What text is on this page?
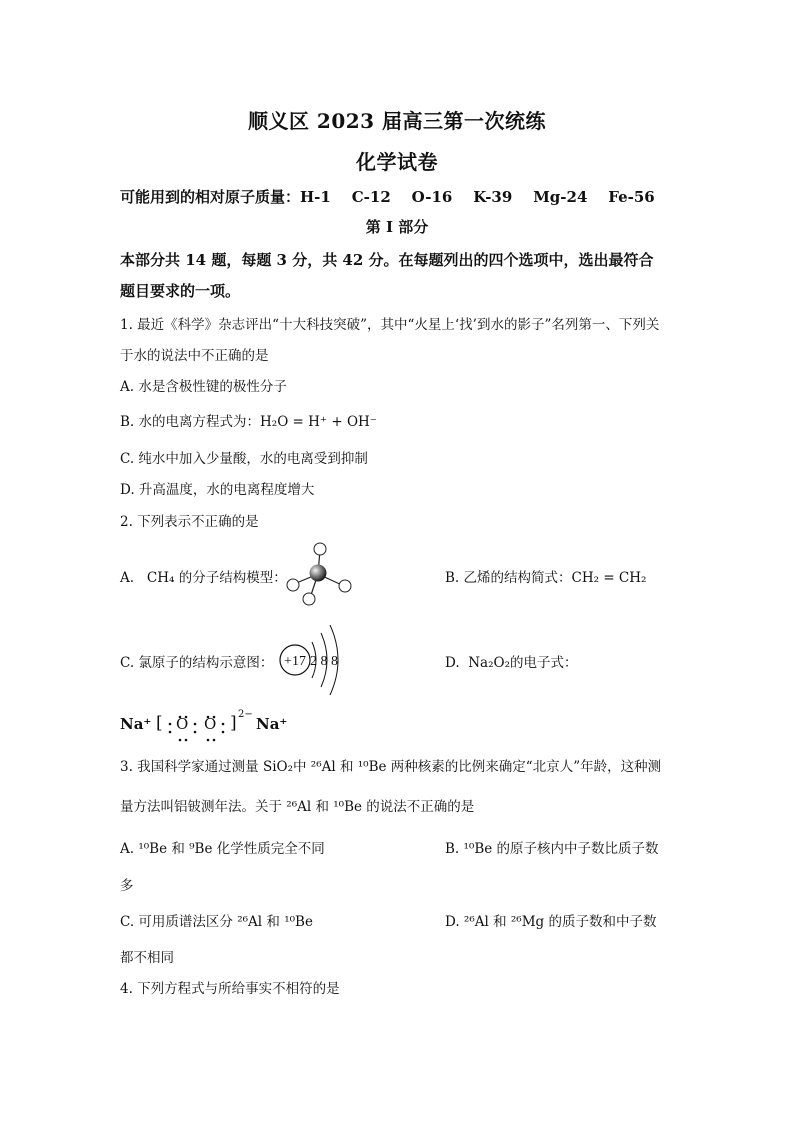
顺义区 2023 届高三第一次统练
化学试卷
可能用到的相对原子质量：H-1    C-12    O-16    K-39    Mg-24    Fe-56
第 I 部分
本部分共 14 题，每题 3 分，共 42 分。在每题列出的四个选项中，选出最符合
题目要求的一项。
1. 最近《科学》杂志评出“十大科技突破”，其中“火星上‘找’到水的影子”名列第一、下列关
于水的说法中不正确的是
A. 水是含极性键的极性分子
B. 水的电离方程式为：H₂O = H⁺ + OH⁻
C. 纯水中加入少量酸，水的电离受到抑制
D. 升高温度，水的电离程度增大
2. 下列表示不正确的是
A. CH₄ 的分子结构模型：	B. 乙烯的结构简式：CH₂ = CH₂
C. 氯原子的结构示意图： +17 2 8 8	D. Na₂O₂的电子式：
Na⁺ [ O O ] 2−
Na⁺
3. 我国科学家通过测量 SiO₂中 ²⁶Al 和 ¹⁰Be 两种核素的比例来确定“北京人”年龄，这种测
量方法叫铝铍测年法。关于 ²⁶Al 和 ¹⁰Be 的说法不正确的是
A. ¹⁰Be 和 ⁹Be 化学性质完全不同	B. ¹⁰Be 的原子核内中子数比质子数
多
C. 可用质谱法区分 ²⁶Al 和 ¹⁰Be	D. ²⁶Al 和 ²⁶Mg 的质子数和中子数
都不相同
4. 下列方程式与所给事实不相符的是
